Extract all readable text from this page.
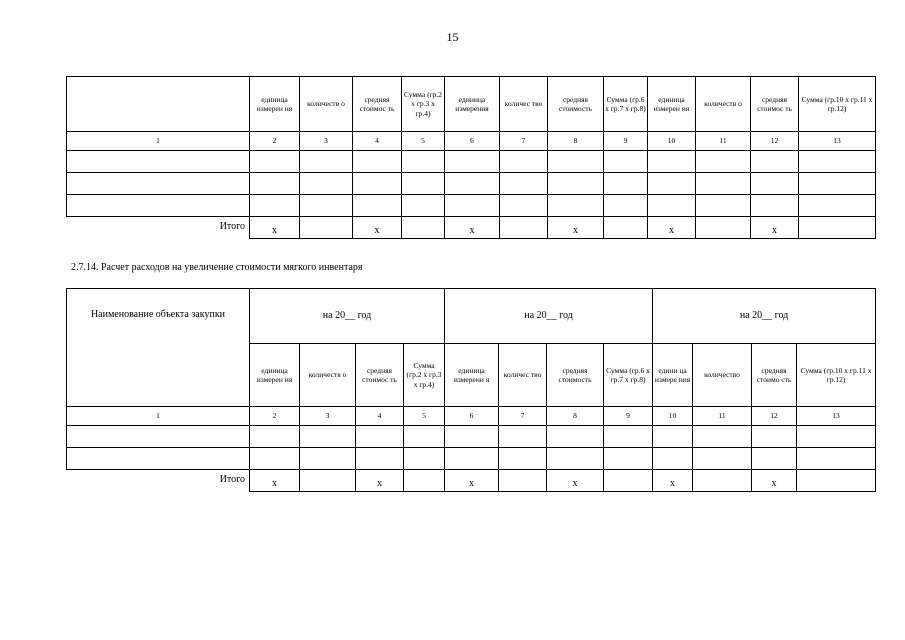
15
	единица измерен ия	количеств о	средняя стоимос ть	Сумма (гр.2 х гр.3 х гр.4)	единица измерения	количес тво	средняя стоимость	Сумма (гр.6 х гр.7 х гр.8)	единица измерен ия	количеств о	средняя стоимос ть	Сумма (гр.10 х гр.11 х гр.12)
1	2	3	4	5	6	7	8	9	10	11	12	13

Итого	х		х		х		х		х		х	
2.7.14. Расчет расходов на увеличение стоимости мягкого инвентаря
Наименование объекта закупки	на 20__ год				на 20__ год				на 20__ год			
	единица измерен ия	количеств о	средняя стоимос ть	Сумма (гр.2 х гр.3 х гр.4)	единица измерени я	количес тво	средняя стоимость	Сумма (гр.6 х гр.7 х гр.8)	едини ца измере ния	количество	средняя стоимо сть	Сумма (гр.10 х гр.11 х гр.12)
1	2	3	4	5	6	7	8	9	10	11	12	13

Итого	х		х		х		х		х		х	
